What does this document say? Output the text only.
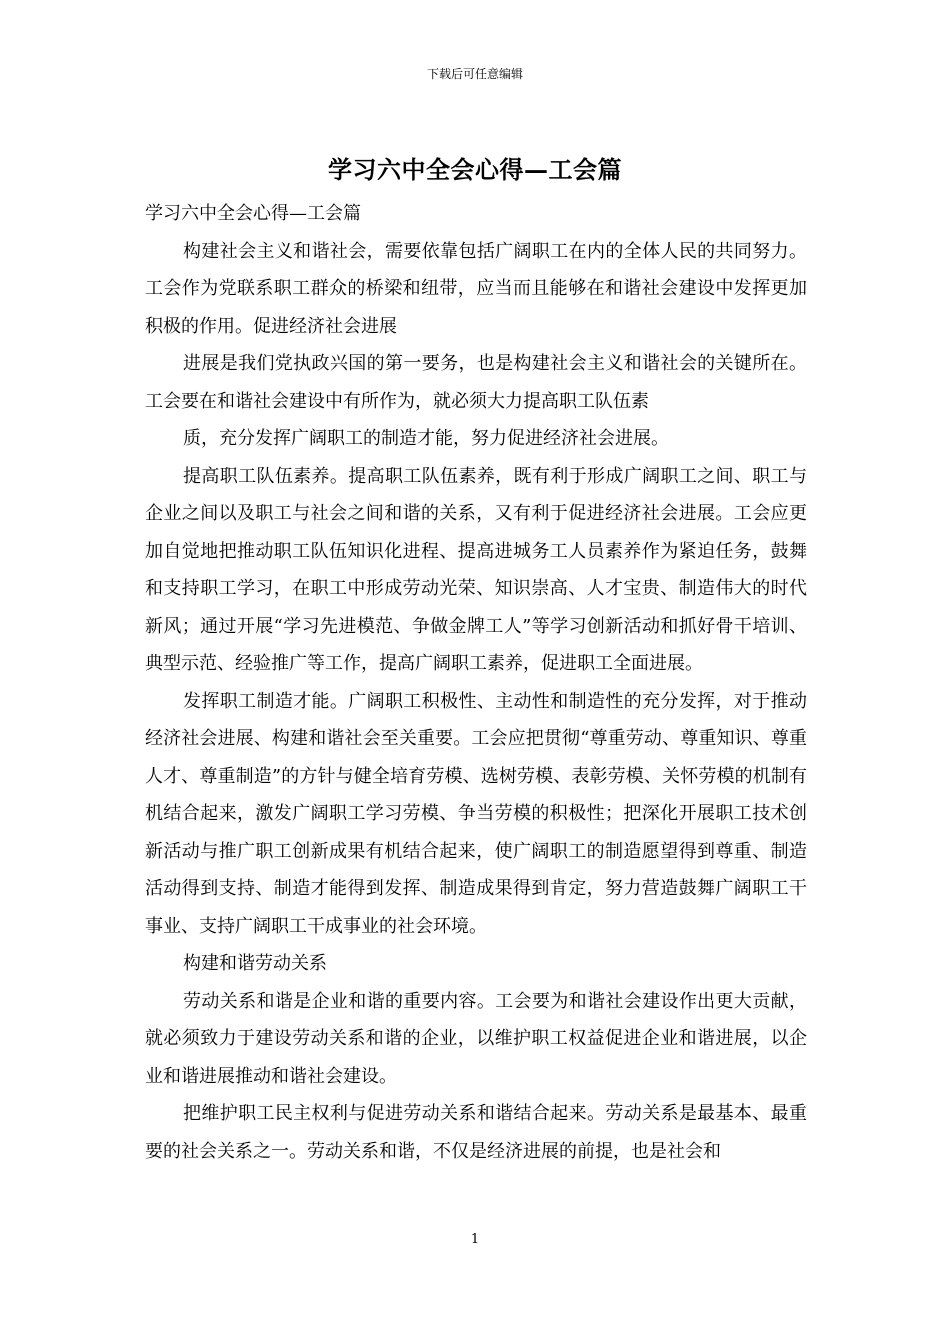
下载后可任意编辑
学习六中全会心得—工会篇

学习六中全会心得—工会篇

构建社会主义和谐社会，需要依靠包括广阔职工在内的全体人民的共同努力。工会作为党联系职工群众的桥梁和纽带，应当而且能够在和谐社会建设中发挥更加积极的作用。促进经济社会进展

进展是我们党执政兴国的第一要务，也是构建社会主义和谐社会的关键所在。工会要在和谐社会建设中有所作为，就必须大力提高职工队伍素

质，充分发挥广阔职工的制造才能，努力促进经济社会进展。

提高职工队伍素养。提高职工队伍素养，既有利于形成广阔职工之间、职工与企业之间以及职工与社会之间和谐的关系，又有利于促进经济社会进展。工会应更加自觉地把推动职工队伍知识化进程、提高进城务工人员素养作为紧迫任务，鼓舞和支持职工学习，在职工中形成劳动光荣、知识崇高、人才宝贵、制造伟大的时代新风；通过开展“学习先进模范、争做金牌工人”等学习创新活动和抓好骨干培训、典型示范、经验推广等工作，提高广阔职工素养，促进职工全面进展。

发挥职工制造才能。广阔职工积极性、主动性和制造性的充分发挥，对于推动经济社会进展、构建和谐社会至关重要。工会应把贯彻“尊重劳动、尊重知识、尊重人才、尊重制造”的方针与健全培育劳模、选树劳模、表彰劳模、关怀劳模的机制有机结合起来，激发广阔职工学习劳模、争当劳模的积极性；把深化开展职工技术创新活动与推广职工创新成果有机结合起来，使广阔职工的制造愿望得到尊重、制造活动得到支持、制造才能得到发挥、制造成果得到肯定，努力营造鼓舞广阔职工干事业、支持广阔职工干成事业的社会环境。

构建和谐劳动关系

劳动关系和谐是企业和谐的重要内容。工会要为和谐社会建设作出更大贡献，就必须致力于建设劳动关系和谐的企业，以维护职工权益促进企业和谐进展，以企业和谐进展推动和谐社会建设。

把维护职工民主权利与促进劳动关系和谐结合起来。劳动关系是最基本、最重要的社会关系之一。劳动关系和谐，不仅是经济进展的前提，也是社会和

1
